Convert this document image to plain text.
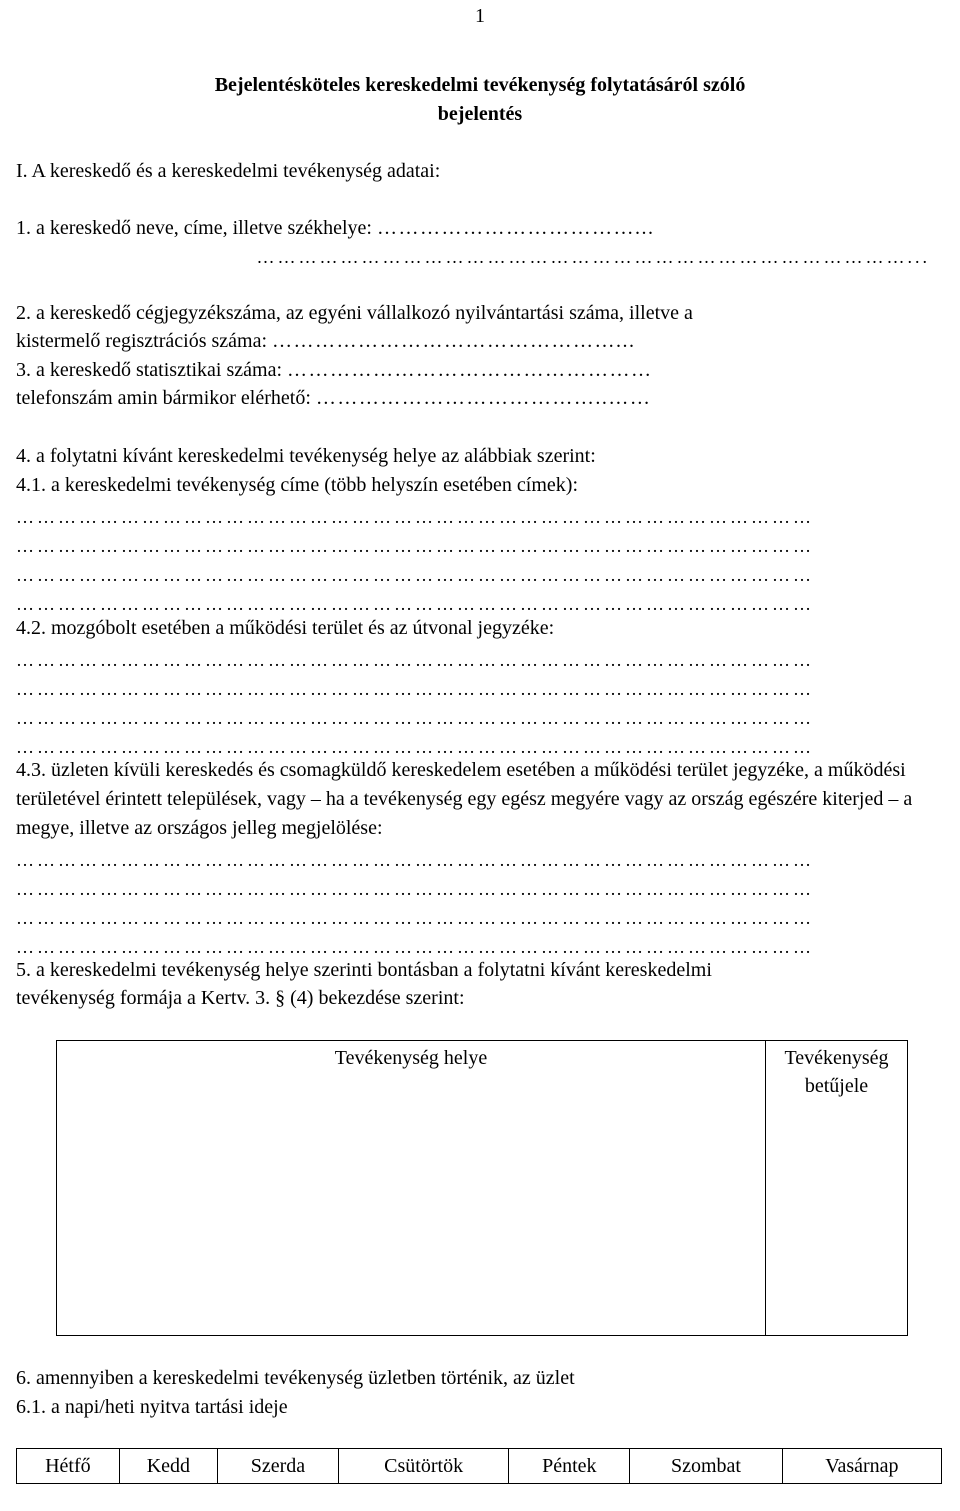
1
Bejelentésköteles kereskedelmi tevékenység folytatásáról szóló
bejelentés
I. A kereskedő és a kereskedelmi tevékenység adatai:
1. a kereskedő neve, címe, illetve székhelye: ………………………………...
…………………………………………………………………………………...
2. a kereskedő cégjegyzékszáma, az egyéni vállalkozó nyilvántartási száma, illetve a
kistermelő regisztrációs száma: …………………………………………...
3. a kereskedő statisztikai száma: ……………………………………………
telefonszám amin bármikor elérhető: …………………………………..……
4. a folytatni kívánt kereskedelmi tevékenység helye az alábbiak szerint:
4.1. a kereskedelmi tevékenység címe (több helyszín esetében címek):
……………………………………………………………………………………………………
……………………………………………………………………………………………………
……………………………………………………………………………………………………
……………………………………………………………………………………………………
4.2. mozgóbolt esetében a működési terület és az útvonal jegyzéke:
……………………………………………………………………………………………………
……………………………………………………………………………………………………
……………………………………………………………………………………………………
……………………………………………………………………………………………………
4.3. üzleten kívüli kereskedés és csomagküldő kereskedelem esetében a működési terület jegyzéke, a működési területével érintett települések, vagy – ha a tevékenység egy egész megyére vagy az ország egészére kiterjed – a megye, illetve az országos jelleg megjelölése:
……………………………………………………………………………………………………
……………………………………………………………………………………………………
……………………………………………………………………………………………………
……………………………………………………………………………………………………
5. a kereskedelmi tevékenység helye szerinti bontásban a folytatni kívánt kereskedelmi
tevékenység formája a Kertv. 3. § (4) bekezdése szerint:
Tevékenység helye	Tevékenység
betűjele
6. amennyiben a kereskedelmi tevékenység üzletben történik, az üzlet
6.1. a napi/heti nyitva tartási ideje
Hétfő	Kedd	Szerda	Csütörtök	Péntek	Szombat	Vasárnap
